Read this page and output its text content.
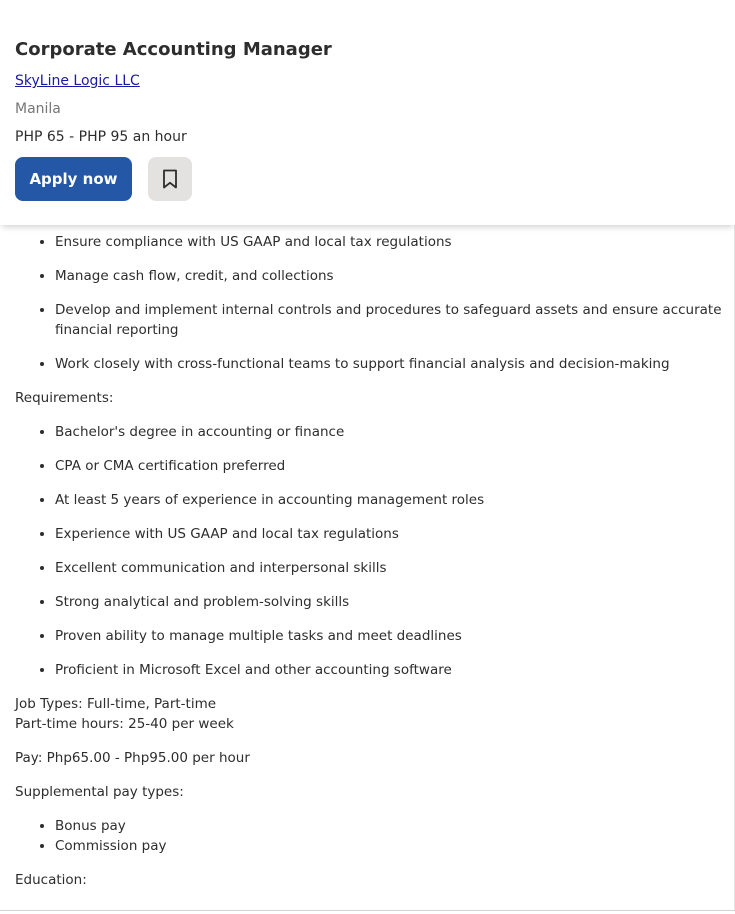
• Ensure compliance with US GAAP and local tax regulations
• Manage cash flow, credit, and collections
• Develop and implement internal controls and procedures to safeguard assets and ensure accurate financial reporting
• Work closely with cross-functional teams to support financial analysis and decision-making

Requirements:

• Bachelor's degree in accounting or finance
• CPA or CMA certification preferred
• At least 5 years of experience in accounting management roles
• Experience with US GAAP and local tax regulations
• Excellent communication and interpersonal skills
• Strong analytical and problem-solving skills
• Proven ability to manage multiple tasks and meet deadlines
• Proficient in Microsoft Excel and other accounting software

Job Types: Full-time, Part-time
Part-time hours: 25-40 per week

Pay: Php65.00 - Php95.00 per hour

Supplemental pay types:

• Bonus pay
• Commission pay

Education:

Corporate Accounting Manager
SkyLine Logic LLC
Manila
PHP 65 - PHP 95 an hour
Apply now
